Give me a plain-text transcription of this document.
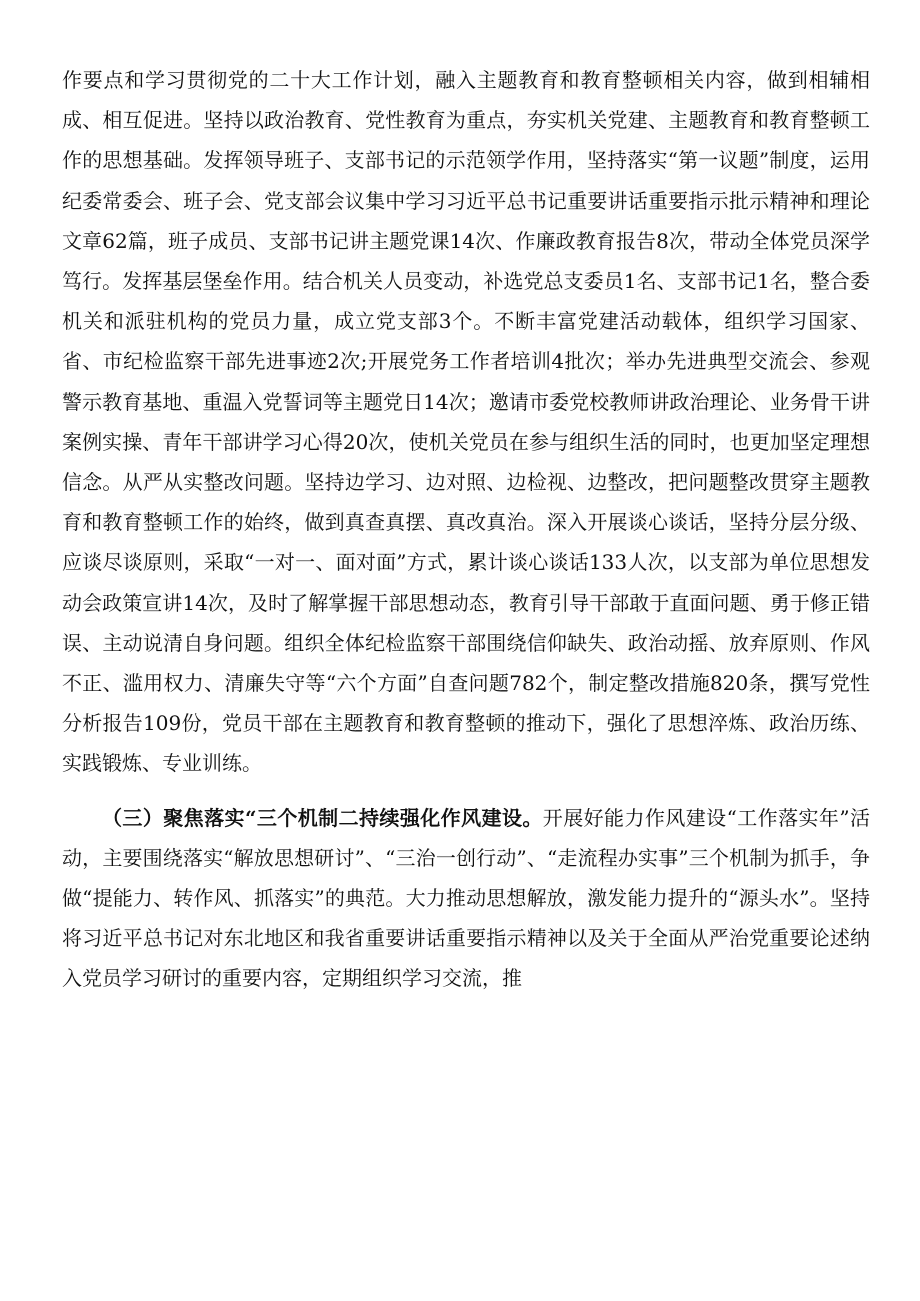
作要点和学习贯彻党的二十大工作计划，融入主题教育和教育整顿相关内容，做到相辅相成、相互促进。坚持以政治教育、党性教育为重点，夯实机关党建、主题教育和教育整顿工作的思想基础。发挥领导班子、支部书记的示范领学作用，坚持落实“第一议题”制度，运用纪委常委会、班子会、党支部会议集中学习习近平总书记重要讲话重要指示批示精神和理论文章62篇，班子成员、支部书记讲主题党课14次、作廉政教育报告8次，带动全体党员深学笃行。发挥基层堡垒作用。结合机关人员变动，补选党总支委员1名、支部书记1名，整合委机关和派驻机构的党员力量，成立党支部3个。不断丰富党建活动载体，组织学习国家、省、市纪检监察干部先进事迹2次;开展党务工作者培训4批次；举办先进典型交流会、参观警示教育基地、重温入党誓词等主题党日14次；邀请市委党校教师讲政治理论、业务骨干讲案例实操、青年干部讲学习心得20次，使机关党员在参与组织生活的同时，也更加坚定理想信念。从严从实整改问题。坚持边学习、边对照、边检视、边整改，把问题整改贯穿主题教育和教育整顿工作的始终，做到真查真摆、真改真治。深入开展谈心谈话，坚持分层分级、应谈尽谈原则，采取“一对一、面对面”方式，累计谈心谈话133人次，以支部为单位思想发动会政策宣讲14次，及时了解掌握干部思想动态，教育引导干部敢于直面问题、勇于修正错误、主动说清自身问题。组织全体纪检监察干部围绕信仰缺失、政治动摇、放弃原则、作风不正、滥用权力、清廉失守等“六个方面”自查问题782个，制定整改措施820条，撰写党性分析报告109份，党员干部在主题教育和教育整顿的推动下，强化了思想淬炼、政治历练、实践锻炼、专业训练。

（三）聚焦落实“三个机制二持续强化作风建设。开展好能力作风建设“工作落实年”活动，主要围绕落实“解放思想研讨”、“三治一创行动”、“走流程办实事”三个机制为抓手，争做“提能力、转作风、抓落实”的典范。大力推动思想解放，激发能力提升的“源头水”。坚持将习近平总书记对东北地区和我省重要讲话重要指示精神以及关于全面从严治党重要论述纳入党员学习研讨的重要内容，定期组织学习交流，推
